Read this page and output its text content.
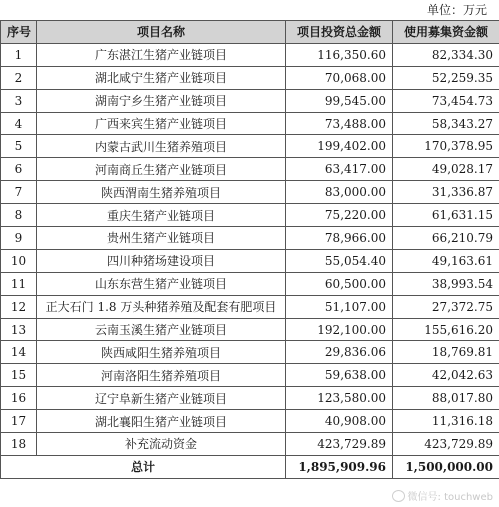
单位：万元
序号	项目名称	项目投资总金额	使用募集资金额
1	广东湛江生猪产业链项目	116,350.60	82,334.30
2	湖北咸宁生猪产业链项目	70,068.00	52,259.35
3	湖南宁乡生猪产业链项目	99,545.00	73,454.73
4	广西来宾生猪产业链项目	73,488.00	58,343.27
5	内蒙古武川生猪养殖项目	199,402.00	170,378.95
6	河南商丘生猪产业链项目	63,417.00	49,028.17
7	陕西渭南生猪养殖项目	83,000.00	31,336.87
8	重庆生猪产业链项目	75,220.00	61,631.15
9	贵州生猪产业链项目	78,966.00	66,210.79
10	四川种猪场建设项目	55,054.40	49,163.61
11	山东东营生猪产业链项目	60,500.00	38,993.54
12	正大石门 1.8 万头种猪养殖及配套有肥项目	51,107.00	27,372.75
13	云南玉溪生猪产业链项目	192,100.00	155,616.20
14	陕西咸阳生猪养殖项目	29,836.06	18,769.81
15	河南洛阳生猪养殖项目	59,638.00	42,042.63
16	辽宁阜新生猪产业链项目	123,580.00	88,017.80
17	湖北襄阳生猪产业链项目	40,908.00	11,316.18
18	补充流动资金	423,729.89	423,729.89
总计		1,895,909.96	1,500,000.00
微信号: touchweb
